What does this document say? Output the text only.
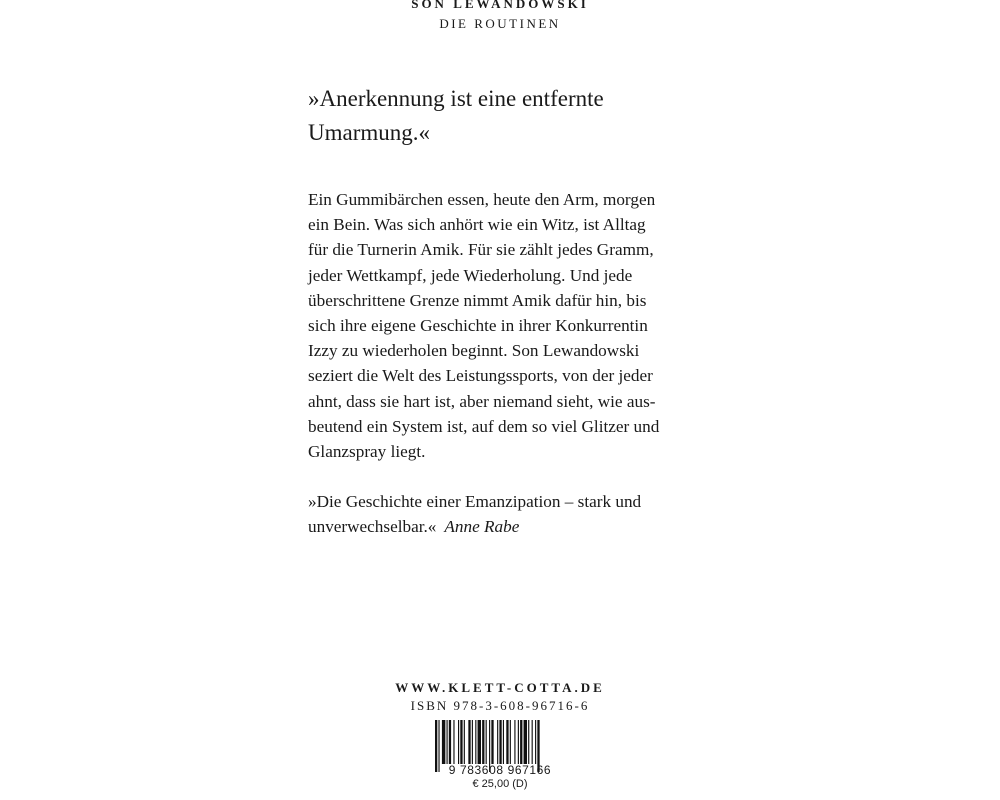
SON LEWANDOWSKI
DIE ROUTINEN

»Anerkennung ist eine entfernte
Umarmung.«

Ein Gummibärchen essen, heute den Arm, morgen
ein Bein. Was sich anhört wie ein Witz, ist Alltag
für die Turnerin Amik. Für sie zählt jedes Gramm,
jeder Wettkampf, jede Wiederholung. Und jede
überschrittene Grenze nimmt Amik dafür hin, bis
sich ihre eigene Geschichte in ihrer Konkurrentin
Izzy zu wiederholen beginnt. Son Lewandowski
seziert die Welt des Leistungssports, von der jeder
ahnt, dass sie hart ist, aber niemand sieht, wie aus-
beutend ein System ist, auf dem so viel Glitzer und
Glanzspray liegt.

»Die Geschichte einer Emanzipation – stark und
unverwechselbar.« Anne Rabe

WWW.KLETT-COTTA.DE
ISBN 978-3-608-96716-6
9 783608 967166
€ 25,00 (D)
